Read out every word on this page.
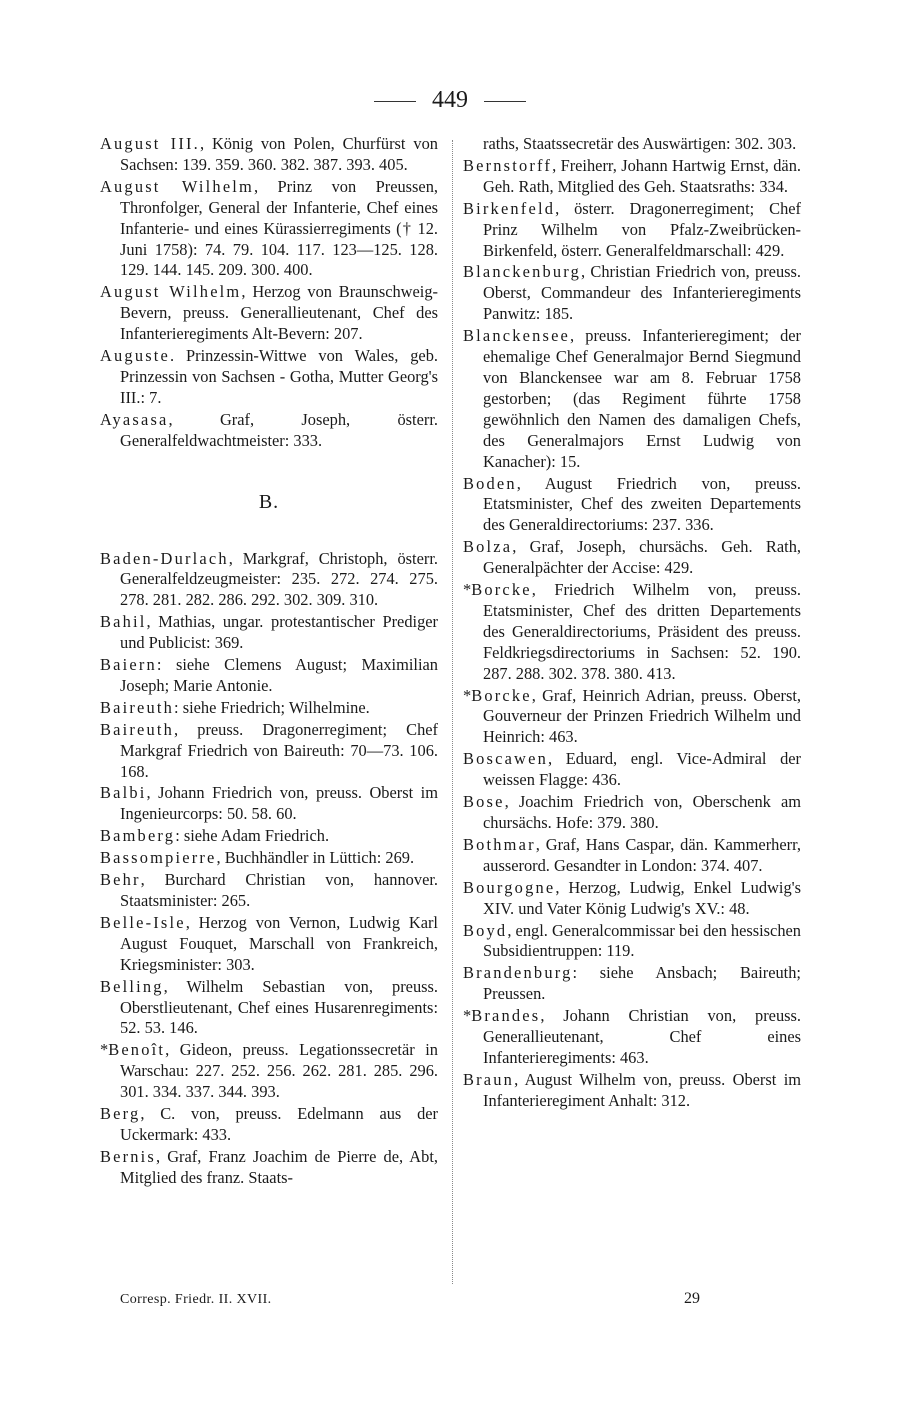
449

August III., König von Polen, Churfürst von Sachsen: 139. 359. 360. 382. 387. 393. 405.

August Wilhelm, Prinz von Preussen, Thronfolger, General der Infanterie, Chef eines Infanterie- und eines Kürassierregiments († 12. Juni 1758): 74. 79. 104. 117. 123—125. 128. 129. 144. 145. 209. 300. 400.

August Wilhelm, Herzog von Braunschweig-Bevern, preuss. Generallieutenant, Chef des Infanterieregiments Alt-Bevern: 207.

Auguste. Prinzessin-Wittwe von Wales, geb. Prinzessin von Sachsen - Gotha, Mutter Georg's III.: 7.

Ayasasa, Graf, Joseph, österr. Generalfeldwachtmeister: 333.

B.

Baden-Durlach, Markgraf, Christoph, österr. Generalfeldzeugmeister: 235. 272. 274. 275. 278. 281. 282. 286. 292. 302. 309. 310.

Bahil, Mathias, ungar. protestantischer Prediger und Publicist: 369.

Baiern: siehe Clemens August; Maximilian Joseph; Marie Antonie.

Baireuth: siehe Friedrich; Wilhelmine.

Baireuth, preuss. Dragonerregiment; Chef Markgraf Friedrich von Baireuth: 70—73. 106. 168.

Balbi, Johann Friedrich von, preuss. Oberst im Ingenieurcorps: 50. 58. 60.

Bamberg: siehe Adam Friedrich.

Bassompierre, Buchhändler in Lüttich: 269.

Behr, Burchard Christian von, hannover. Staatsminister: 265.

Belle-Isle, Herzog von Vernon, Ludwig Karl August Fouquet, Marschall von Frankreich, Kriegsminister: 303.

Belling, Wilhelm Sebastian von, preuss. Oberstlieutenant, Chef eines Husarenregiments: 52. 53. 146.

*Benoît, Gideon, preuss. Legationssecretär in Warschau: 227. 252. 256. 262. 281. 285. 296. 301. 334. 337. 344. 393.

Berg, C. von, preuss. Edelmann aus der Uckermark: 433.

Bernis, Graf, Franz Joachim de Pierre de, Abt, Mitglied des franz. Staats-

raths, Staatssecretär des Auswärtigen: 302. 303.

Bernstorff, Freiherr, Johann Hartwig Ernst, dän. Geh. Rath, Mitglied des Geh. Staatsraths: 334.

Birkenfeld, österr. Dragonerregiment; Chef Prinz Wilhelm von Pfalz-Zweibrücken-Birkenfeld, österr. Generalfeldmarschall: 429.

Blanckenburg, Christian Friedrich von, preuss. Oberst, Commandeur des Infanterieregiments Panwitz: 185.

Blanckensee, preuss. Infanterieregiment; der ehemalige Chef Generalmajor Bernd Siegmund von Blanckensee war am 8. Februar 1758 gestorben; (das Regiment führte 1758 gewöhnlich den Namen des damaligen Chefs, des Generalmajors Ernst Ludwig von Kanacher): 15.

Boden, August Friedrich von, preuss. Etatsminister, Chef des zweiten Departements des Generaldirectoriums: 237. 336.

Bolza, Graf, Joseph, chursächs. Geh. Rath, Generalpächter der Accise: 429.

*Borcke, Friedrich Wilhelm von, preuss. Etatsminister, Chef des dritten Departements des Generaldirectoriums, Präsident des preuss. Feldkriegsdirectoriums in Sachsen: 52. 190. 287. 288. 302. 378. 380. 413.

*Borcke, Graf, Heinrich Adrian, preuss. Oberst, Gouverneur der Prinzen Friedrich Wilhelm und Heinrich: 463.

Boscawen, Eduard, engl. Vice-Admiral der weissen Flagge: 436.

Bose, Joachim Friedrich von, Oberschenk am chursächs. Hofe: 379. 380.

Bothmar, Graf, Hans Caspar, dän. Kammerherr, ausserord. Gesandter in London: 374. 407.

Bourgogne, Herzog, Ludwig, Enkel Ludwig's XIV. und Vater König Ludwig's XV.: 48.

Boyd, engl. Generalcommissar bei den hessischen Subsidientruppen: 119.

Brandenburg: siehe Ansbach; Baireuth; Preussen.

*Brandes, Johann Christian von, preuss. Generallieutenant, Chef eines Infanterieregiments: 463.

Braun, August Wilhelm von, preuss. Oberst im Infanterieregiment Anhalt: 312.

Corresp. Friedr. II. XVII.	29
